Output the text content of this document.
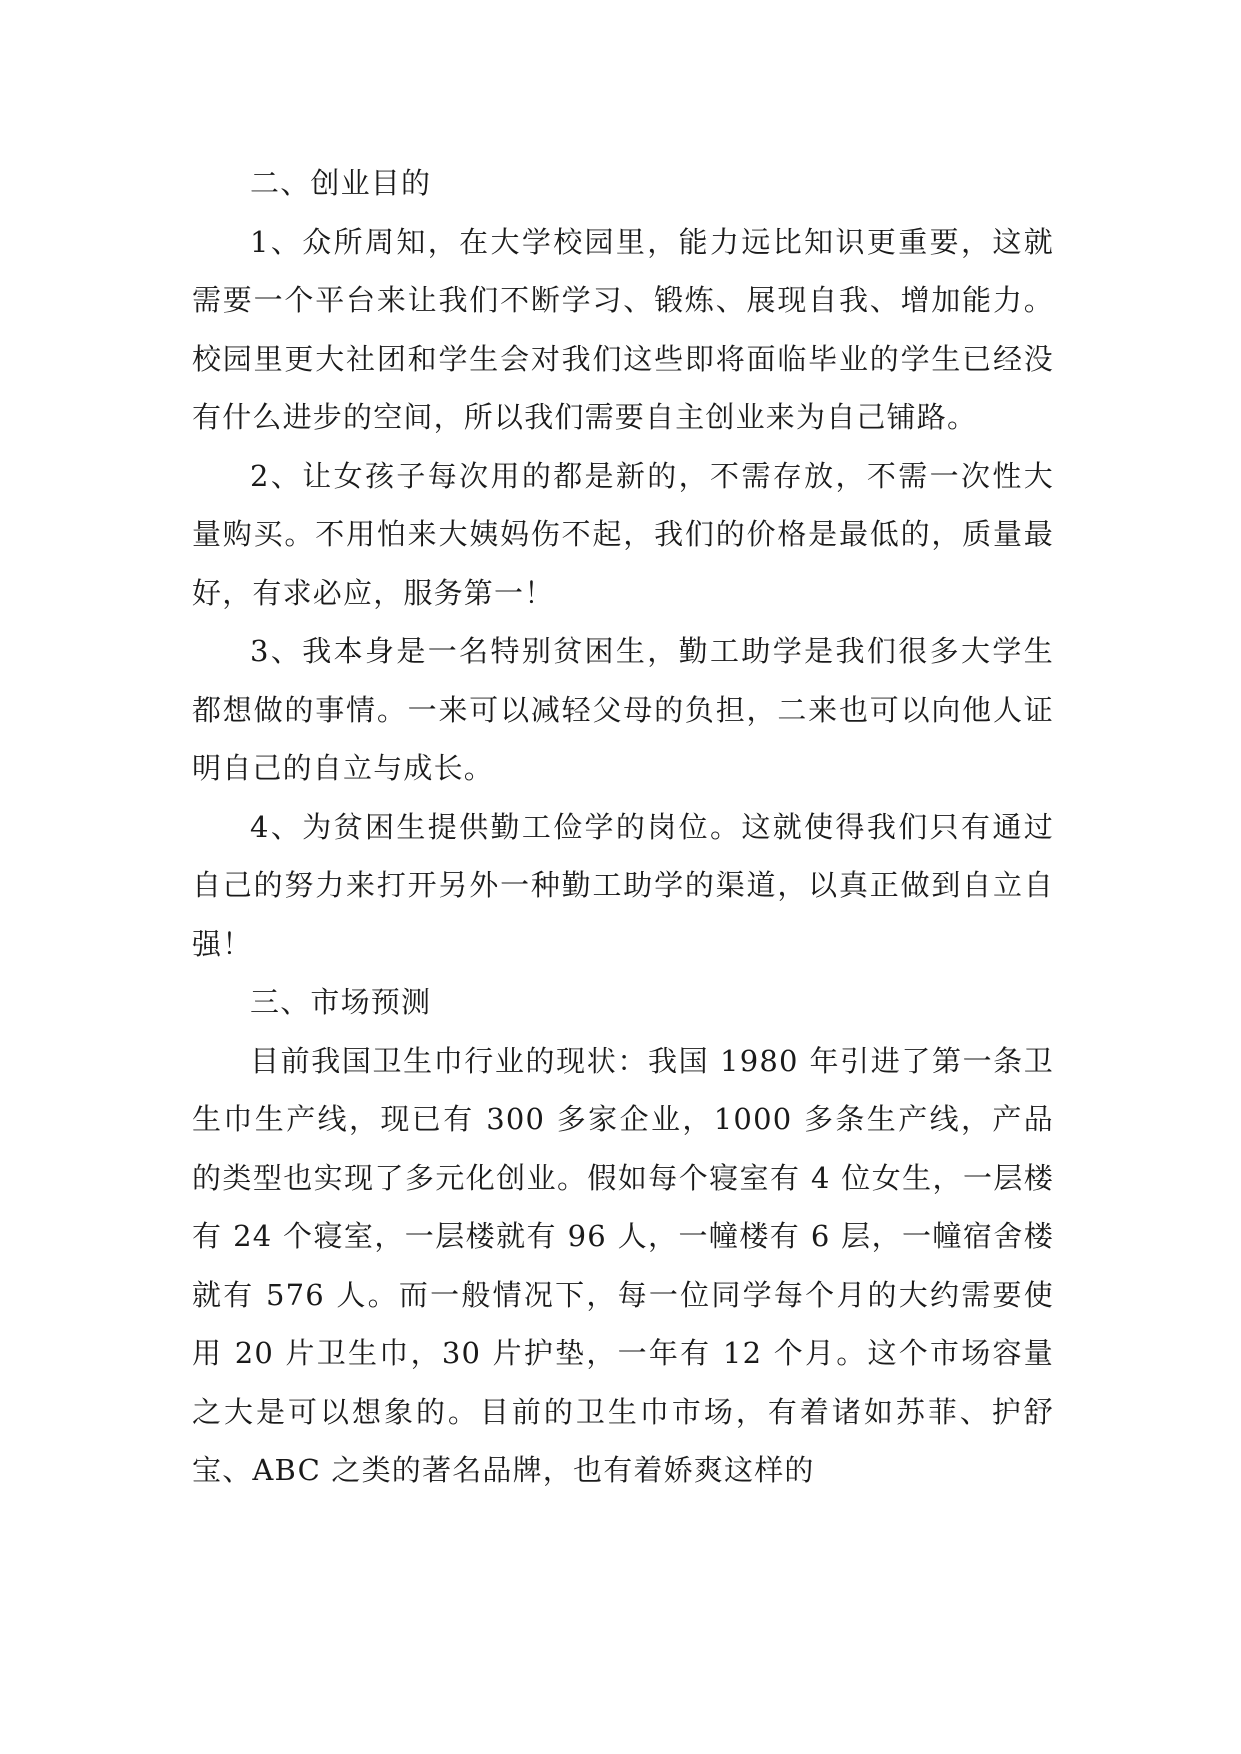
二、创业目的

1、众所周知，在大学校园里，能力远比知识更重要，这就需要一个平台来让我们不断学习、锻炼、展现自我、增加能力。校园里更大社团和学生会对我们这些即将面临毕业的学生已经没有什么进步的空间，所以我们需要自主创业来为自己铺路。

2、让女孩子每次用的都是新的，不需存放，不需一次性大量购买。不用怕来大姨妈伤不起，我们的价格是最低的，质量最好，有求必应，服务第一！

3、我本身是一名特别贫困生，勤工助学是我们很多大学生都想做的事情。一来可以减轻父母的负担，二来也可以向他人证明自己的自立与成长。

4、为贫困生提供勤工俭学的岗位。这就使得我们只有通过自己的努力来打开另外一种勤工助学的渠道，以真正做到自立自强！

三、市场预测

目前我国卫生巾行业的现状：我国 1980 年引进了第一条卫生巾生产线，现已有 300 多家企业，1000 多条生产线，产品的类型也实现了多元化创业。假如每个寝室有 4 位女生，一层楼有 24 个寝室，一层楼就有 96 人，一幢楼有 6 层，一幢宿舍楼就有 576 人。而一般情况下，每一位同学每个月的大约需要使用 20 片卫生巾，30 片护垫，一年有 12 个月。这个市场容量之大是可以想象的。目前的卫生巾市场，有着诸如苏菲、护舒宝、ABC 之类的著名品牌，也有着娇爽这样的
